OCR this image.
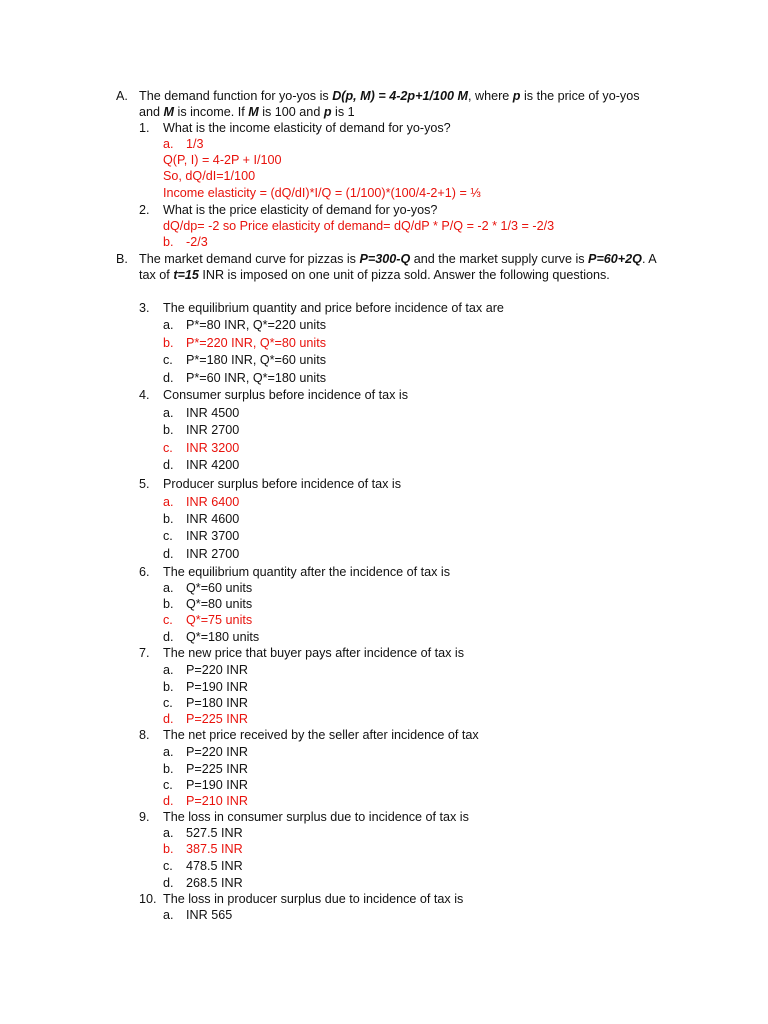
A. The demand function for yo-yos is D(p, M) = 4-2p+1/100 M, where p is the price of yo-yos
and M is income. If M is 100 and p is 1
1. What is the income elasticity of demand for yo-yos?
a. 1/3
Q(P, I) = 4-2P + I/100
So, dQ/dI=1/100
Income elasticity = (dQ/dI)*I/Q = (1/100)*(100/4-2+1) = ⅓
2. What is the price elasticity of demand for yo-yos?
dQ/dp= -2 so Price elasticity of demand= dQ/dP * P/Q = -2 * 1/3 = -2/3
b. -2/3
B. The market demand curve for pizzas is P=300-Q and the market supply curve is P=60+2Q. A
tax of t=15 INR is imposed on one unit of pizza sold. Answer the following questions.
3. The equilibrium quantity and price before incidence of tax are
a. P*=80 INR, Q*=220 units
b. P*=220 INR, Q*=80 units
c. P*=180 INR, Q*=60 units
d. P*=60 INR, Q*=180 units
4. Consumer surplus before incidence of tax is
a. INR 4500
b. INR 2700
c. INR 3200
d. INR 4200
5. Producer surplus before incidence of tax is
a. INR 6400
b. INR 4600
c. INR 3700
d. INR 2700
6. The equilibrium quantity after the incidence of tax is
a. Q*=60 units
b. Q*=80 units
c. Q*=75 units
d. Q*=180 units
7. The new price that buyer pays after incidence of tax is
a. P=220 INR
b. P=190 INR
c. P=180 INR
d. P=225 INR
8. The net price received by the seller after incidence of tax
a. P=220 INR
b. P=225 INR
c. P=190 INR
d. P=210 INR
9. The loss in consumer surplus due to incidence of tax is
a. 527.5 INR
b. 387.5 INR
c. 478.5 INR
d. 268.5 INR
10. The loss in producer surplus due to incidence of tax is
a. INR 565
